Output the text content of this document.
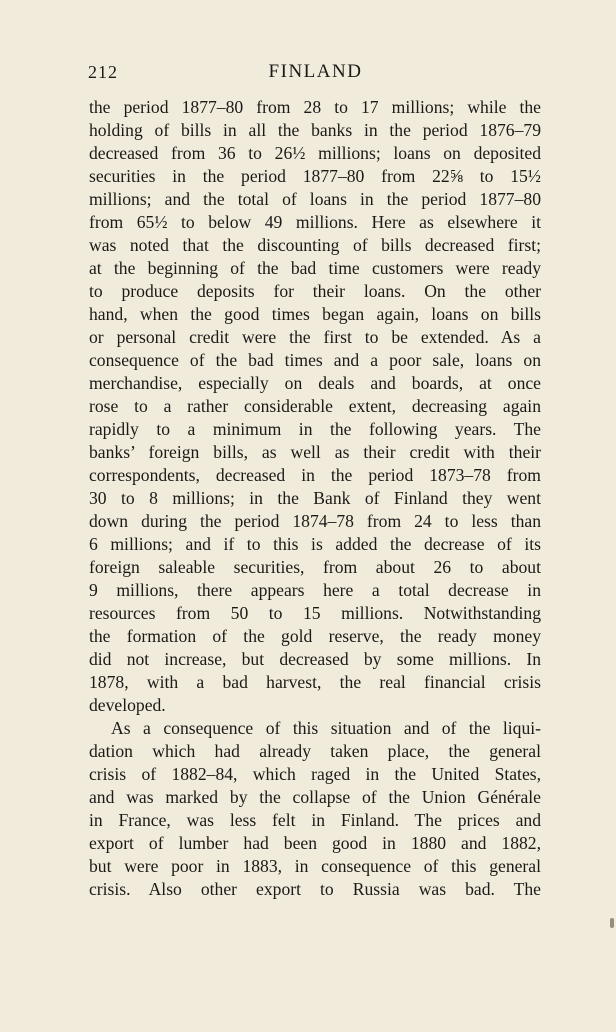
212	FINLAND
the period 1877–80 from 28 to 17 millions; while the
holding of bills in all the banks in the period 1876–79
decreased from 36 to 26½ millions; loans on deposited
securities in the period 1877–80 from 22⅝ to 15½
millions; and the total of loans in the period 1877–80
from 65½ to below 49 millions. Here as elsewhere it
was noted that the discounting of bills decreased first;
at the beginning of the bad time customers were ready
to produce deposits for their loans. On the other
hand, when the good times began again, loans on bills
or personal credit were the first to be extended. As a
consequence of the bad times and a poor sale, loans on
merchandise, especially on deals and boards, at once
rose to a rather considerable extent, decreasing again
rapidly to a minimum in the following years. The
banks’ foreign bills, as well as their credit with their
correspondents, decreased in the period 1873–78 from
30 to 8 millions; in the Bank of Finland they went
down during the period 1874–78 from 24 to less than
6 millions; and if to this is added the decrease of its
foreign saleable securities, from about 26 to about
9 millions, there appears here a total decrease in
resources from 50 to 15 millions. Notwithstanding
the formation of the gold reserve, the ready money
did not increase, but decreased by some millions. In
1878, with a bad harvest, the real financial crisis
developed.
As a consequence of this situation and of the liqui-
dation which had already taken place, the general
crisis of 1882–84, which raged in the United States,
and was marked by the collapse of the Union Générale
in France, was less felt in Finland. The prices and
export of lumber had been good in 1880 and 1882,
but were poor in 1883, in consequence of this general
crisis. Also other export to Russia was bad. The
